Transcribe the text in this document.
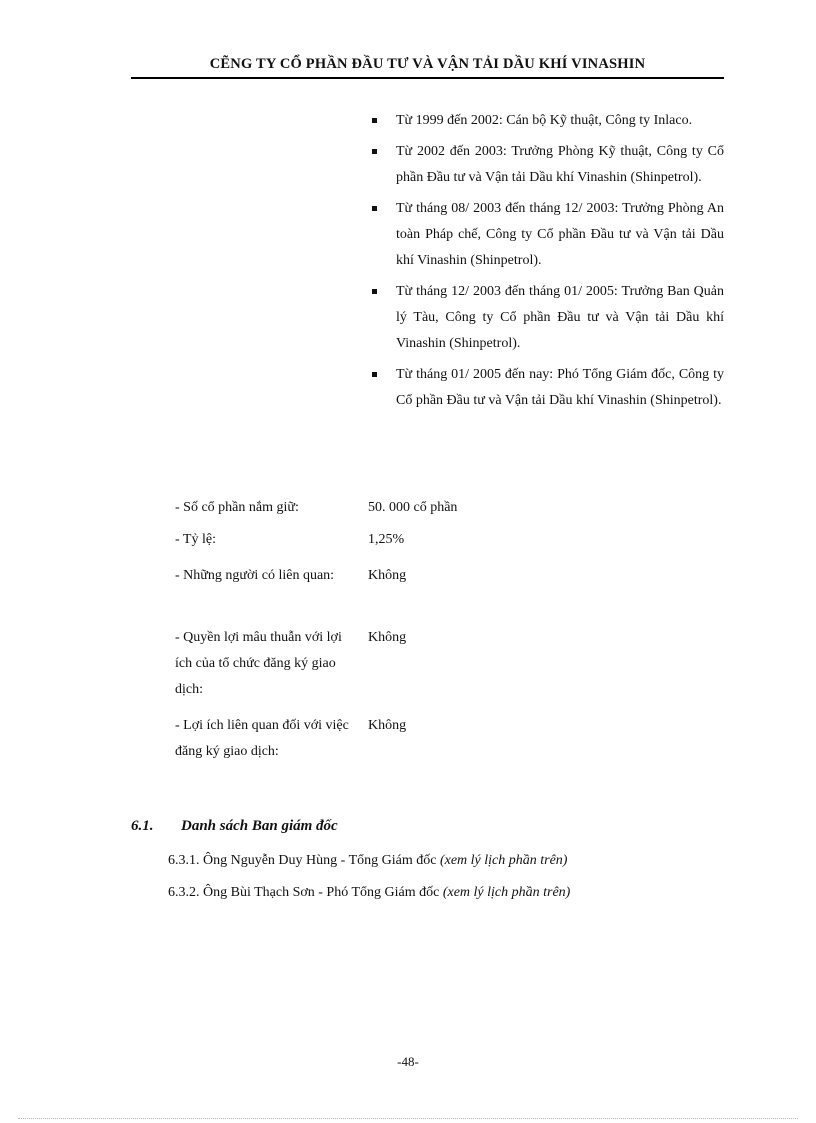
CẼNG TY CỔ PHẦN ĐẦU TƯ VÀ VẬN TẢI DẦU KHÍ VINASHIN
Từ 1999 đến 2002: Cán bộ Kỹ thuật, Công ty Inlaco.
Từ 2002 đến 2003: Trưởng Phòng Kỹ thuật, Công ty Cổ phần Đầu tư và Vận tải Dầu khí Vinashin (Shinpetrol).
Từ tháng 08/ 2003 đến tháng 12/ 2003: Trưởng Phòng An toàn Pháp chế, Công ty Cổ phần Đầu tư và Vận tải Dầu khí Vinashin (Shinpetrol).
Từ tháng 12/ 2003 đến tháng 01/ 2005: Trưởng Ban Quản lý Tàu, Công ty Cổ phần Đầu tư và Vận tải Dầu khí Vinashin (Shinpetrol).
Từ tháng 01/ 2005 đến nay: Phó Tổng Giám đốc, Công ty Cổ phần Đầu tư và Vận tải Dầu khí Vinashin (Shinpetrol).
- Số cổ phần nắm giữ:	50. 000 cổ phần
- Tỷ lệ:	1,25%
- Những người có liên quan:	Không
- Quyền lợi mâu thuẫn với lợi ích của tổ chức đăng ký giao dịch:
Không
- Lợi ích liên quan đối với việc đăng ký giao dịch:
Không
6.1. Danh sách Ban giám đốc
6.3.1. Ông Nguyễn Duy Hùng - Tổng Giám đốc (xem lý lịch phần trên)
6.3.2. Ông Bùi Thạch Sơn - Phó Tổng Giám đốc (xem lý lịch phần trên)
-48-
